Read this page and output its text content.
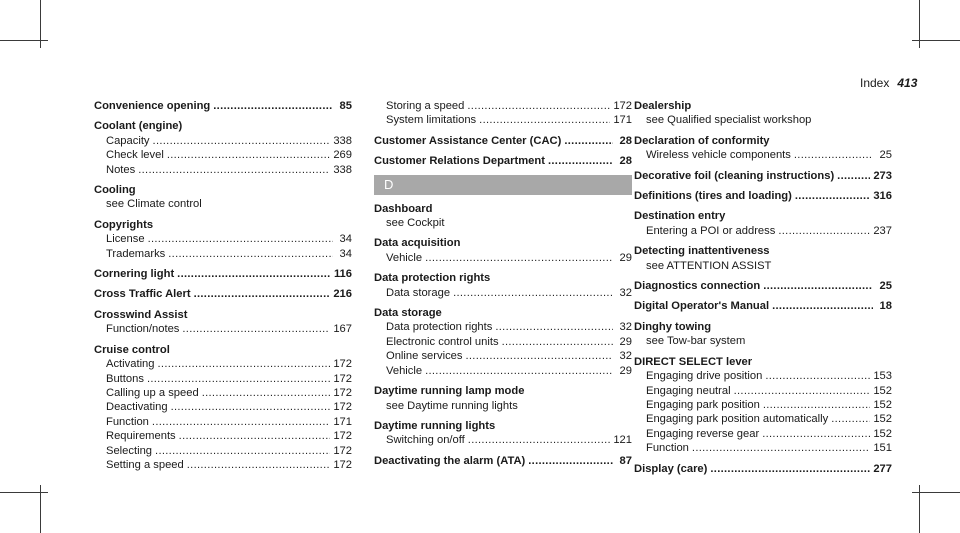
Index 413
Convenience opening .....	85
Coolant (engine)
Capacity .....	338
Check level .....	269
Notes .....	338
Cooling
see Climate control
Copyrights
License .....	34
Trademarks .....	34
Cornering light .....	116
Cross Traffic Alert .....	216
Crosswind Assist
Function/notes .....	167
Cruise control
Activating .....	172
Buttons .....	172
Calling up a speed .....	172
Deactivating .....	172
Function .....	171
Requirements .....	172
Selecting .....	172
Setting a speed .....	172
Storing a speed .....	172
System limitations .....	171
Customer Assistance Center (CAC) .....	28
Customer Relations Department .....	28
D
Dashboard
see Cockpit
Data acquisition
Vehicle .....	29
Data protection rights
Data storage .....	32
Data storage
Data protection rights .....	32
Electronic control units .....	29
Online services .....	32
Vehicle .....	29
Daytime running lamp mode
see Daytime running lights
Daytime running lights
Switching on/off .....	121
Deactivating the alarm (ATA) .....	87
Dealership
see Qualified specialist workshop
Declaration of conformity
Wireless vehicle components .....	25
Decorative foil (cleaning instructions) .....	273
Definitions (tires and loading) .....	316
Destination entry
Entering a POI or address .....	237
Detecting inattentiveness
see ATTENTION ASSIST
Diagnostics connection .....	25
Digital Operator's Manual .....	18
Dinghy towing
see Tow-bar system
DIRECT SELECT lever
Engaging drive position .....	153
Engaging neutral .....	152
Engaging park position .....	152
Engaging park position automatically .....	152
Engaging reverse gear .....	152
Function .....	151
Display (care) .....	277
